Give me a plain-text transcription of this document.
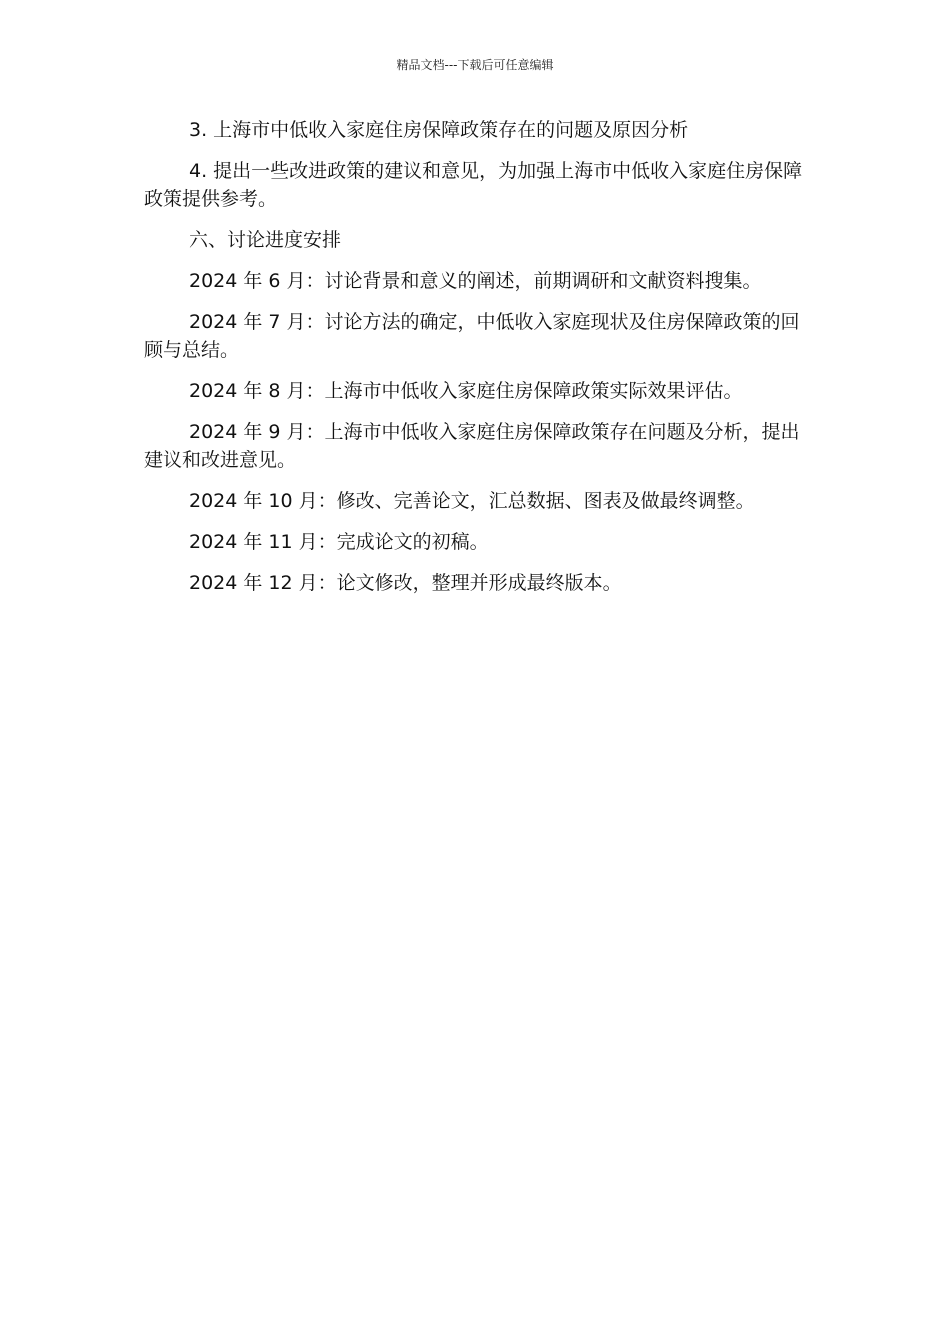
精品文档---下载后可任意编辑

3. 上海市中低收入家庭住房保障政策存在的问题及原因分析

4. 提出一些改进政策的建议和意见，为加强上海市中低收入家庭住房保障政策提供参考。

六、讨论进度安排

2024 年 6 月：讨论背景和意义的阐述，前期调研和文献资料搜集。

2024 年 7 月：讨论方法的确定，中低收入家庭现状及住房保障政策的回顾与总结。

2024 年 8 月：上海市中低收入家庭住房保障政策实际效果评估。

2024 年 9 月：上海市中低收入家庭住房保障政策存在问题及分析，提出建议和改进意见。

2024 年 10 月：修改、完善论文，汇总数据、图表及做最终调整。

2024 年 11 月：完成论文的初稿。

2024 年 12 月：论文修改，整理并形成最终版本。
